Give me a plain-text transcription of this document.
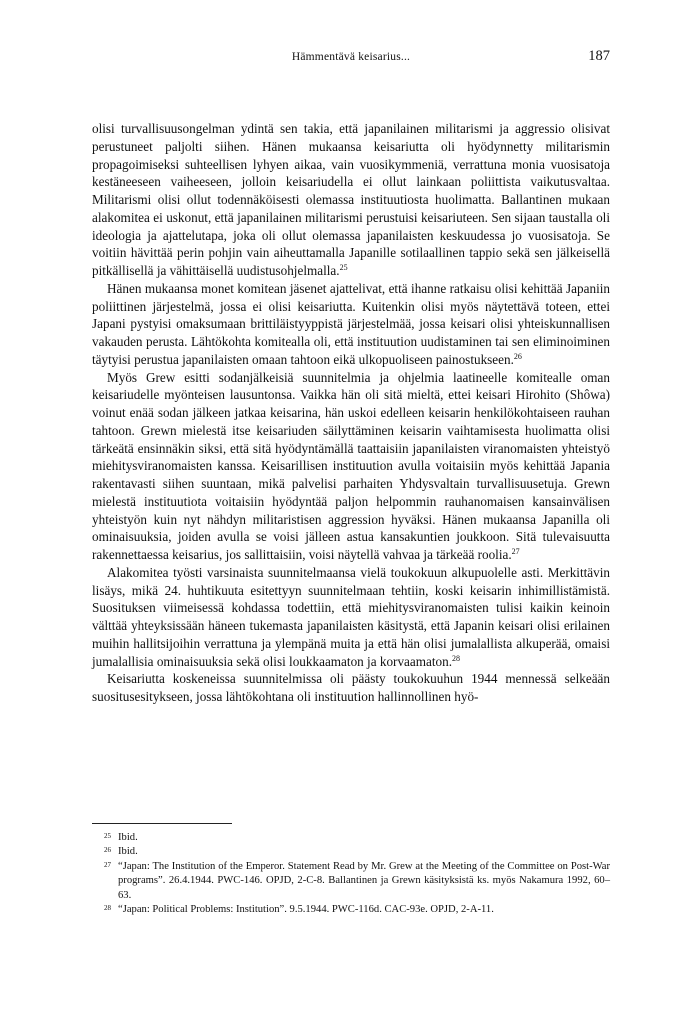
Hämmentävä keisarius...	187

olisi turvallisuusongelman ydintä sen takia, että japanilainen militarismi ja aggressio olisivat perustuneet paljolti siihen. Hänen mukaansa keisariutta oli hyödynnetty militarismin propagoimiseksi suhteellisen lyhyen aikaa, vain vuosikymmeniä, verrattuna monia vuosisatoja kestäneeseen vaiheeseen, jolloin keisariudella ei ollut lainkaan poliittista vaikutusvaltaa. Militarismi olisi ollut todennäköisesti olemassa instituutiosta huolimatta. Ballantinen mukaan alakomitea ei uskonut, että japanilainen militarismi perustuisi keisariuteen. Sen sijaan taustalla oli ideologia ja ajattelutapa, joka oli ollut olemassa japanilaisten keskuudessa jo vuosisatoja. Se voitiin hävittää perin pohjin vain aiheuttamalla Japanille sotilaallinen tappio sekä sen jälkeisellä pitkällisellä ja vähittäisellä uudistusohjelmalla.$^{25}$

Hänen mukaansa monet komitean jäsenet ajattelivat, että ihanne ratkaisu olisi kehittää Japaniin poliittinen järjestelmä, jossa ei olisi keisariutta. Kuitenkin olisi myös näytettävä toteen, ettei Japani pystyisi omaksumaan brittiläistyyppistä järjestelmää, jossa keisari olisi yhteiskunnallisen vakauden perusta. Lähtökohta komitealla oli, että instituution uudistaminen tai sen eliminoiminen täytyisi perustua japanilaisten omaan tahtoon eikä ulkopuoliseen painostukseen.$^{26}$

Myös Grew esitti sodanjälkeisiä suunnitelmia ja ohjelmia laatineelle komitealle oman keisariudelle myönteisen lausuntonsa. Vaikka hän oli sitä mieltä, ettei keisari Hirohito (Shôwa) voinut enää sodan jälkeen jatkaa keisarina, hän uskoi edelleen keisarin henkilökohtaiseen rauhan tahtoon. Grewn mielestä itse keisariuden säilyttäminen keisarin vaihtamisesta huolimatta olisi tärkeätä ensinnäkin siksi, että sitä hyödyntämällä taattaisiin japanilaisten viranomaisten yhteistyö miehitysviranomaisten kanssa. Keisarillisen instituution avulla voitaisiin myös kehittää Japania rakentavasti siihen suuntaan, mikä palvelisi parhaiten Yhdysvaltain turvallisuusetuja. Grewn mielestä instituutiota voitaisiin hyödyntää paljon helpommin rauhanomaisen kansainvälisen yhteistyön kuin nyt nähdyn militaristisen aggression hyväksi. Hänen mukaansa Japanilla oli ominaisuuksia, joiden avulla se voisi jälleen astua kansakuntien joukkoon. Sitä tulevaisuutta rakennettaessa keisarius, jos sallittaisiin, voisi näytellä vahvaa ja tärkeää roolia.$^{27}$

Alakomitea työsti varsinaista suunnitelmaansa vielä toukokuun alkupuolelle asti. Merkittävin lisäys, mikä 24. huhtikuuta esitettyyn suunnitelmaan tehtiin, koski keisarin inhimillistämistä. Suosituksen viimeisessä kohdassa todettiin, että miehitysviranomaisten tulisi kaikin keinoin välttää yhteyksissään häneen tukemasta japanilaisten käsitystä, että Japanin keisari olisi erilainen muihin hallitsijoihin verrattuna ja ylempänä muita ja että hän olisi jumalallista alkuperää, omaisi jumalallisia ominaisuuksia sekä olisi loukkaamaton ja korvaamaton.$^{28}$

Keisariutta koskeneissa suunnitelmissa oli päästy toukokuuhun 1944 mennessä selkeään suositusesitykseen, jossa lähtökohtana oli instituution hallinnollinen hyö-

25 Ibid.
26 Ibid.
27 “Japan: The Institution of the Emperor. Statement Read by Mr. Grew at the Meeting of the Committee on Post-War programs”. 26.4.1944. PWC-146. OPJD, 2-C-8. Ballantinen ja Grewn käsityksistä ks. myös Nakamura 1992, 60–63.
28 “Japan: Political Problems: Institution”. 9.5.1944. PWC-116d. CAC-93e. OPJD, 2-A-11.
